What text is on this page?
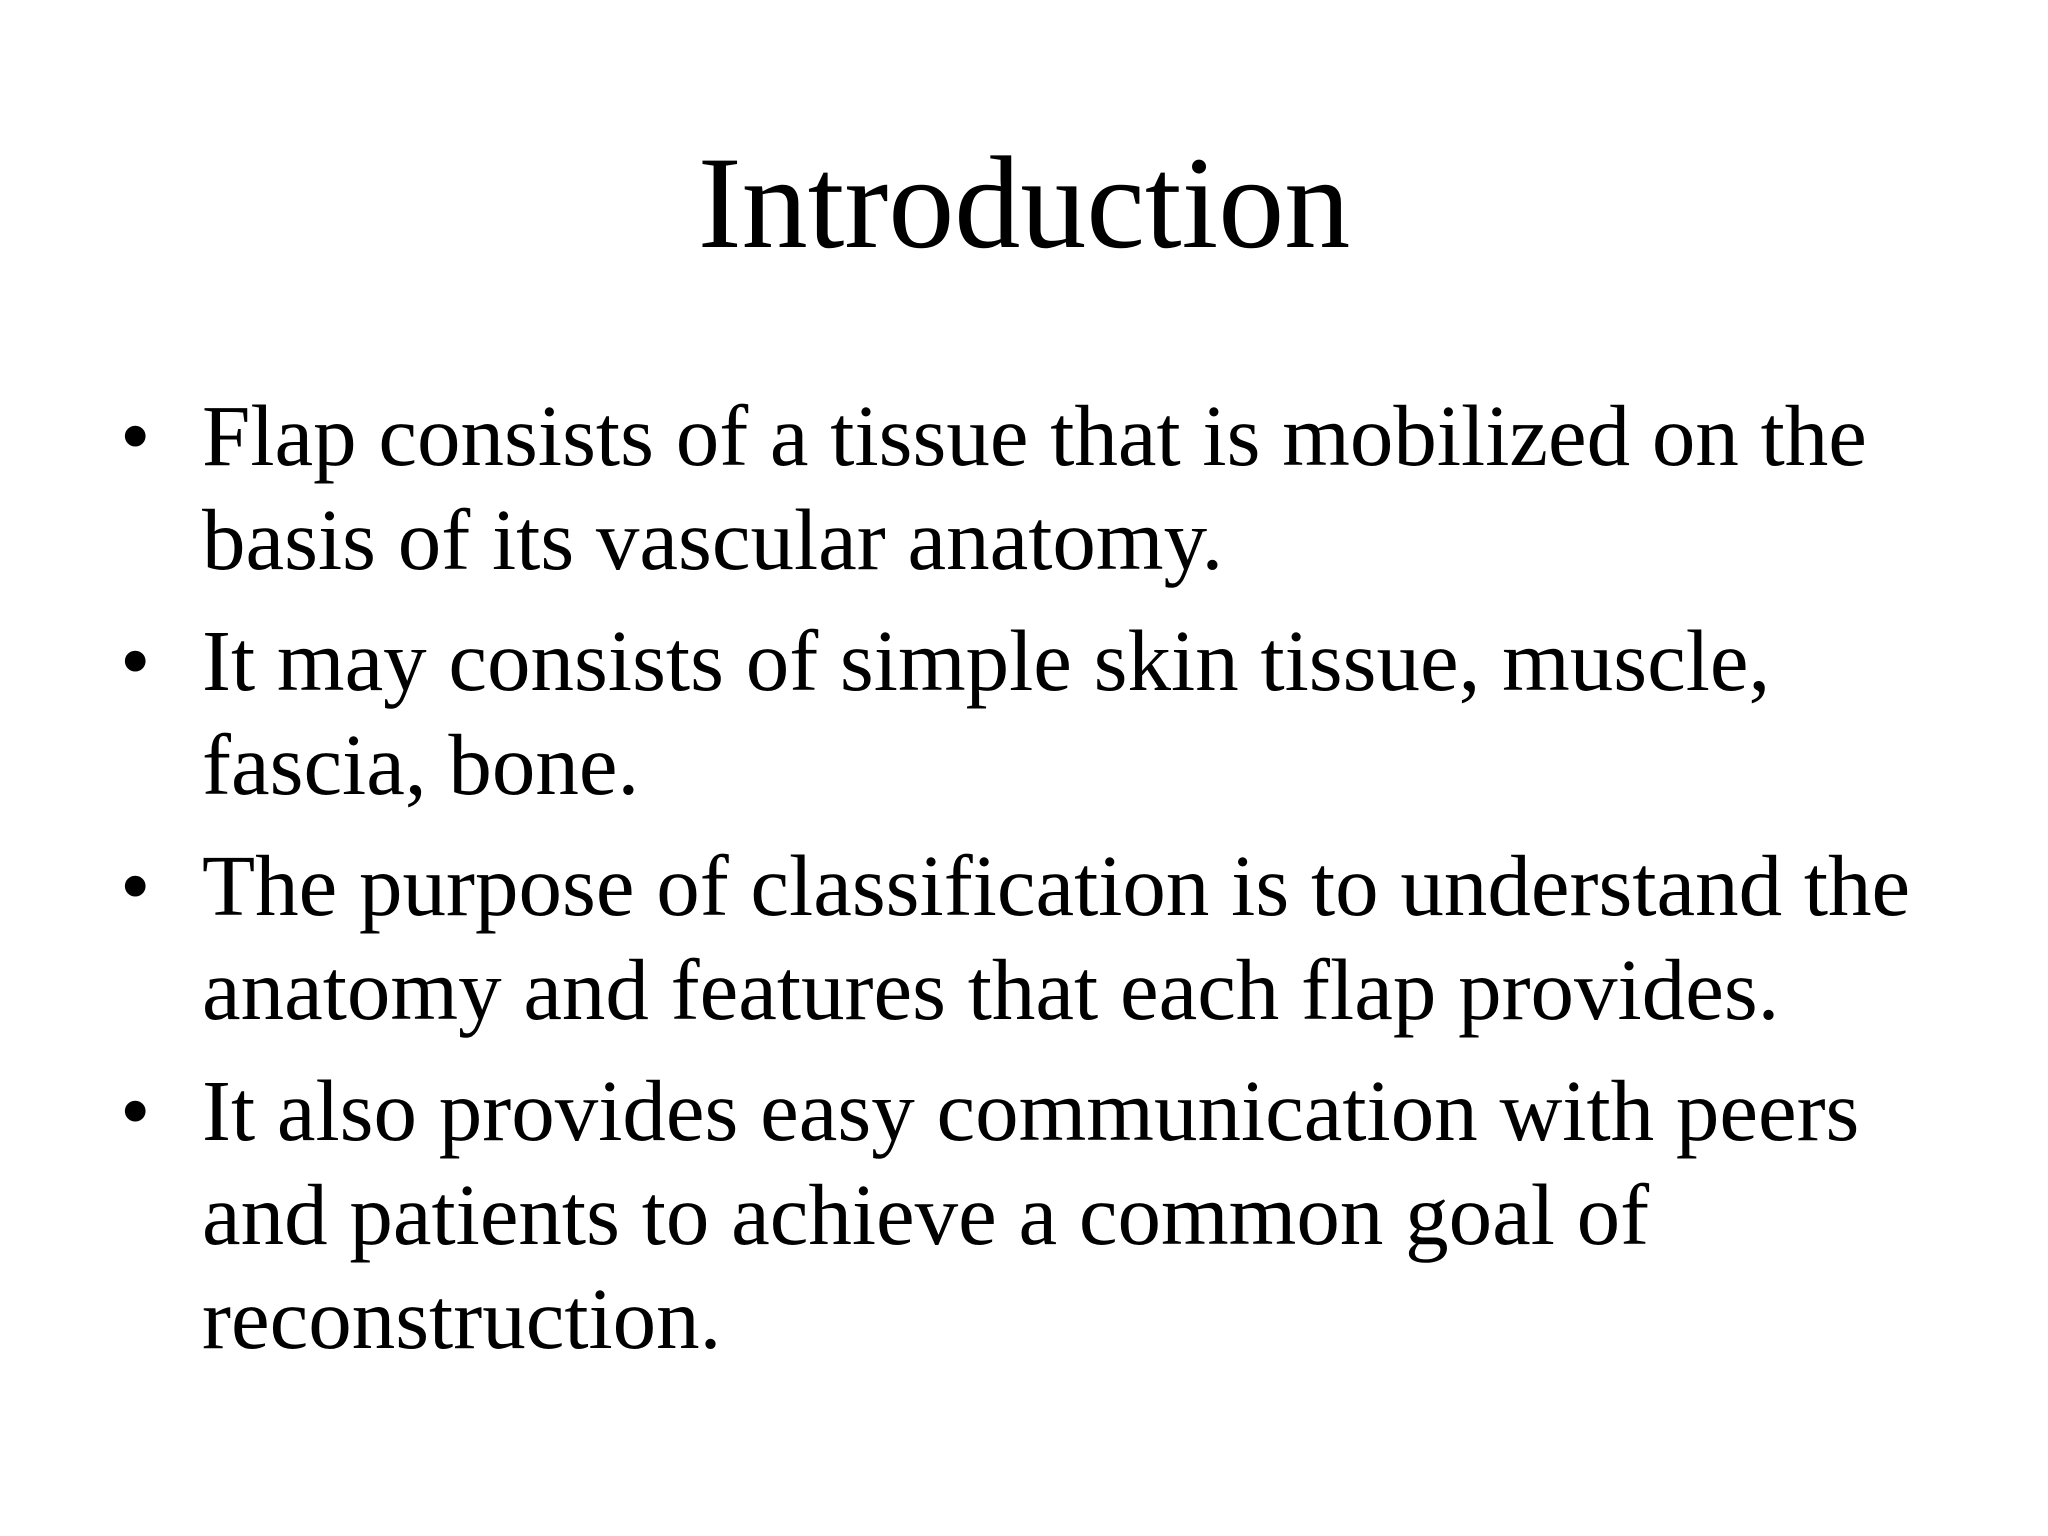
Introduction
• Flap consists of a tissue that is mobilized on the basis of its vascular anatomy.
• It may consists of simple skin tissue, muscle, fascia, bone.
• The purpose of classification is to understand the anatomy and features that each flap provides.
• It also provides easy communication with peers and patients to achieve a common goal of reconstruction.
